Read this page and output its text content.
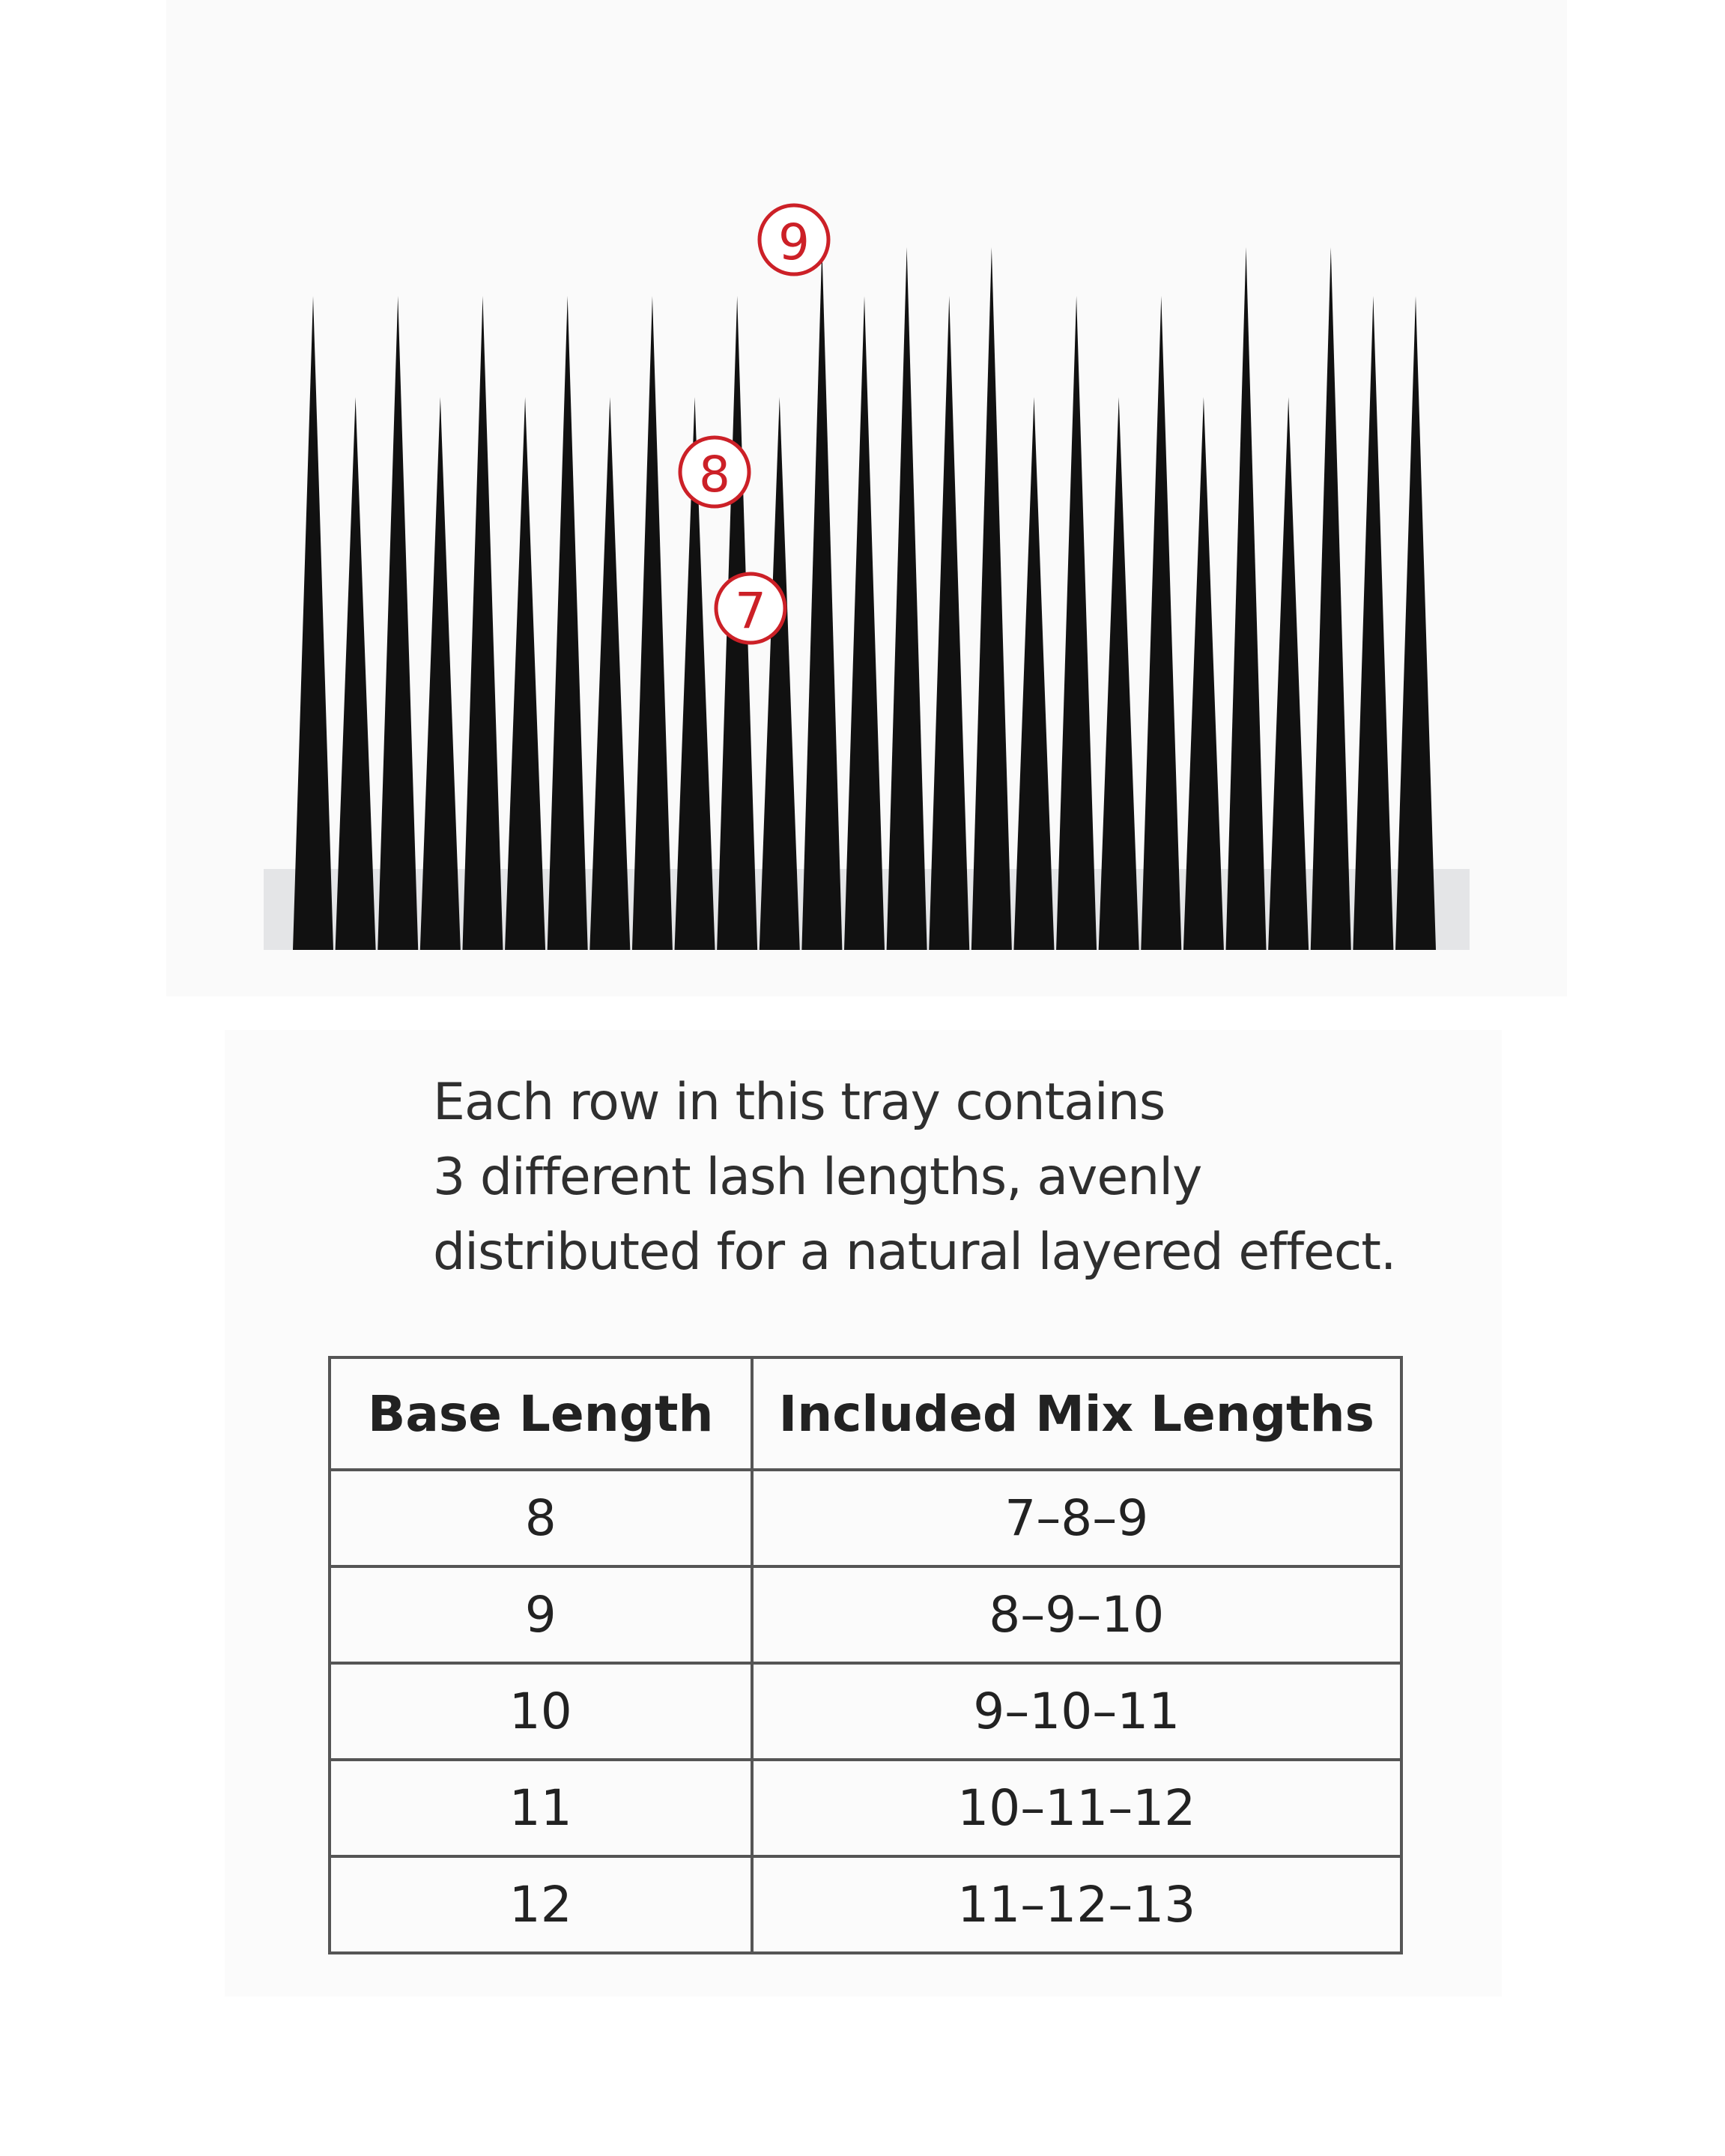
9
8
7

Each row in this tray contains
3 different lash lengths, avenly
distributed for a natural layered effect.

Base Length	Included Mix Lengths
8	7–8–9
9	8–9–10
10	9–10–11
11	10–11–12
12	11–12–13
